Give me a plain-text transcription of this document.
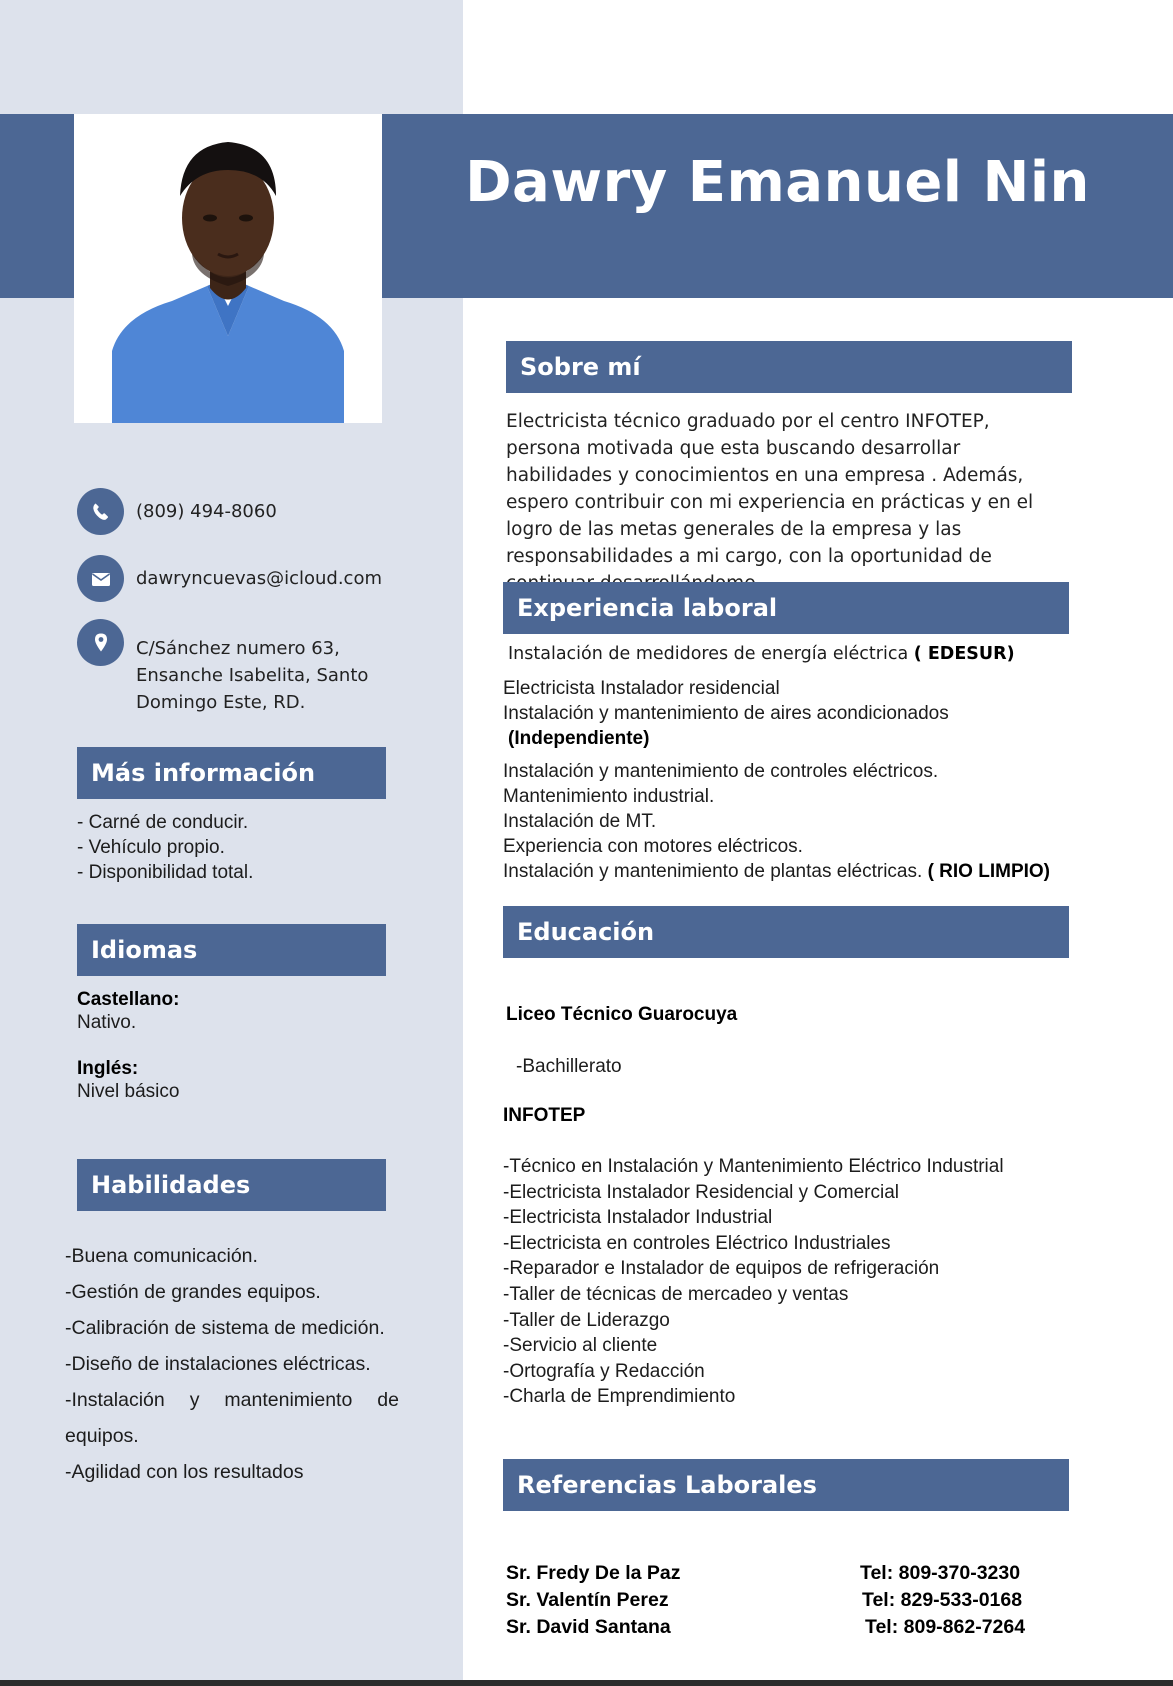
Dawry Emanuel Nin
(809) 494-8060
dawryncuevas@icloud.com
C/Sánchez numero 63,
Ensanche Isabelita, Santo
Domingo Este, RD.
Más información
- Carné de conducir.
- Vehículo propio.
- Disponibilidad total.
Idiomas
Castellano:
Nativo.
Inglés:
Nivel básico
Habilidades
-Buena comunicación.
-Gestión de grandes equipos.
-Calibración de sistema de medición.
-Diseño de instalaciones eléctricas.
-Instalación y mantenimiento de equipos.
-Agilidad con los resultados
Sobre mí
Electricista técnico graduado por el centro INFOTEP, persona motivada que esta buscando desarrollar habilidades y conocimientos en una empresa . Además, espero contribuir con mi experiencia en prácticas y en el logro de las metas generales de la empresa y las responsabilidades a mi cargo, con la oportunidad de
Experiencia laboral
Instalación de medidores de energía eléctrica ( EDESUR)
Electricista Instalador residencial
Instalación y mantenimiento de aires acondicionados
(Independiente)
Instalación y mantenimiento de controles eléctricos.
Mantenimiento industrial.
Instalación de MT.
Experiencia con motores eléctricos.
Instalación y mantenimiento de plantas eléctricas. ( RIO LIMPIO)
Educación
Liceo Técnico Guarocuya
-Bachillerato
INFOTEP
-Técnico en Instalación y Mantenimiento Eléctrico Industrial
-Electricista Instalador Residencial y Comercial
-Electricista Instalador Industrial
-Electricista en controles Eléctrico Industriales
-Reparador e Instalador de equipos de refrigeración
-Taller de técnicas de mercadeo y ventas
-Taller de Liderazgo
-Servicio al cliente
-Ortografía y Redacción
-Charla de Emprendimiento
Referencias Laborales
Sr. Fredy De la Paz
Sr. Valentín Perez
Sr. David Santana
Tel: 809-370-3230
Tel: 829-533-0168
Tel: 809-862-7264
